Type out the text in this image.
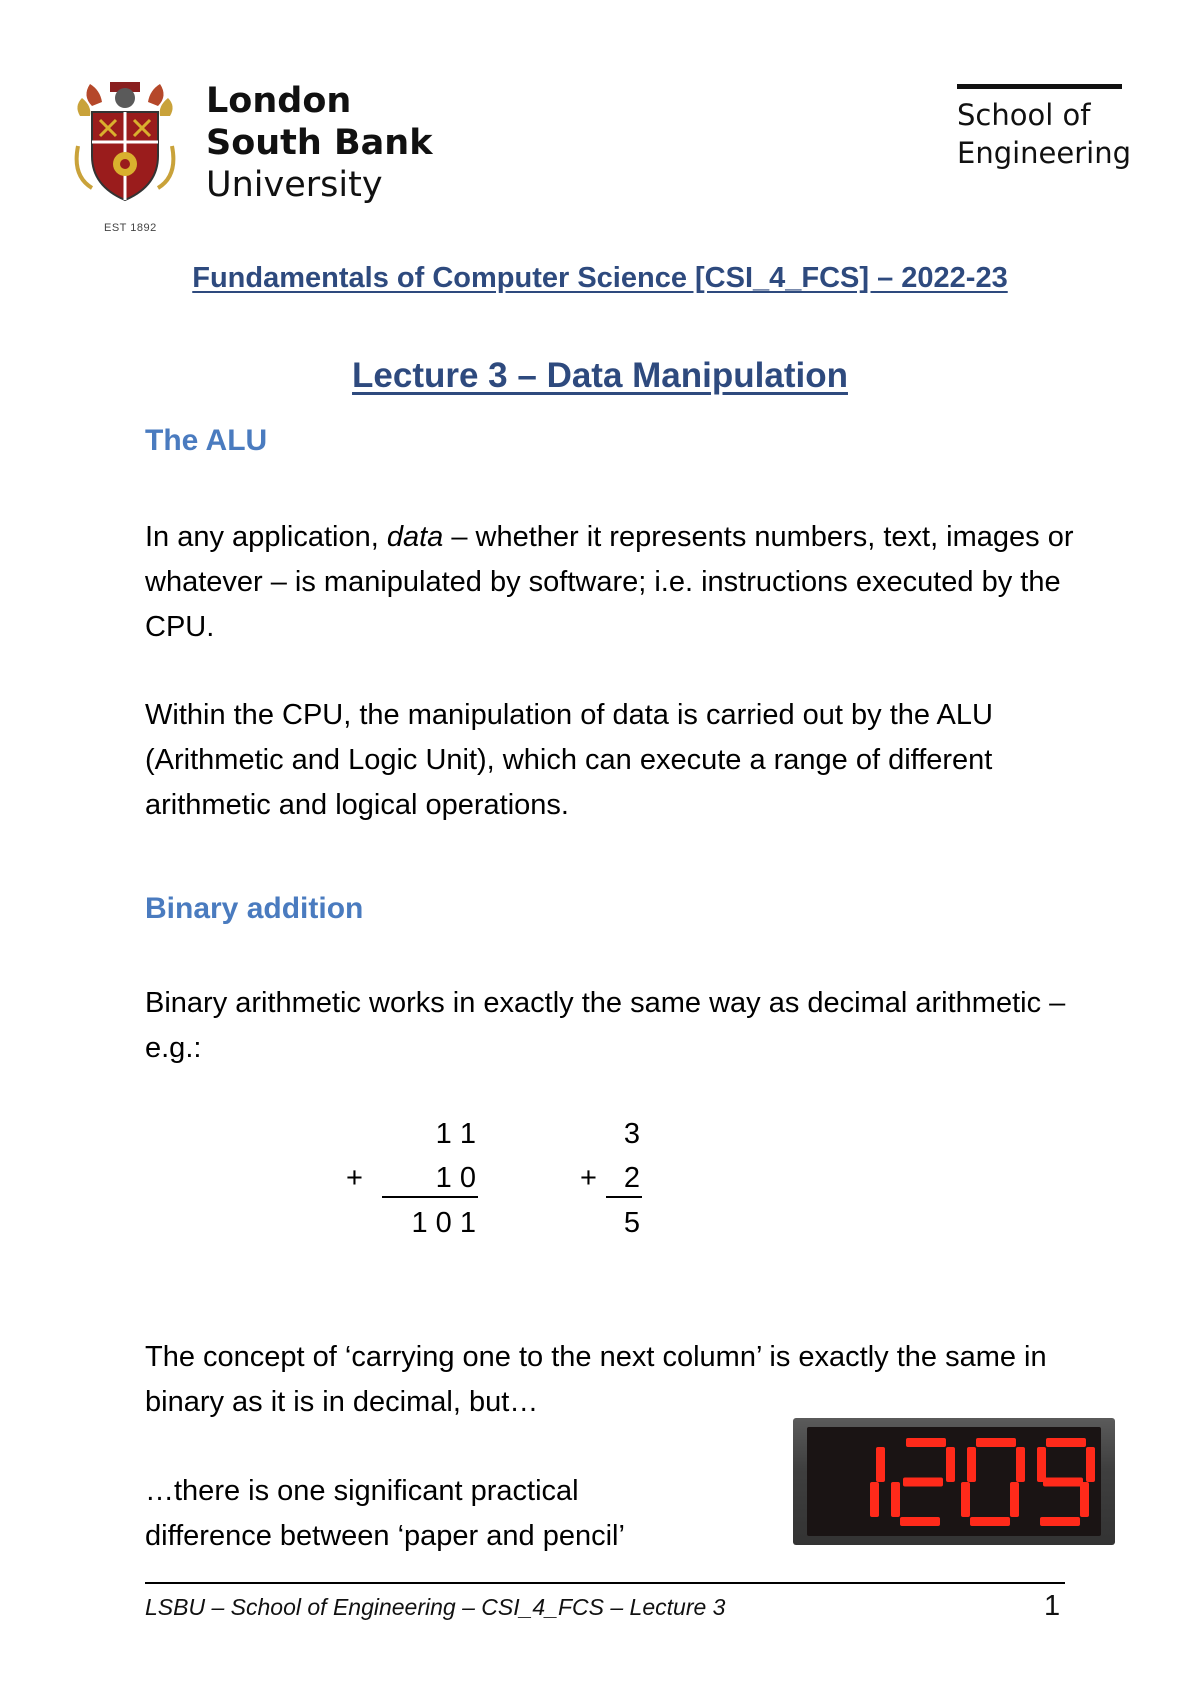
EST 1892
London
South Bank
University
School of
Engineering
Fundamentals of Computer Science [CSI_4_FCS] – 2022-23
Lecture 3 – Data Manipulation
The ALU

In any application, data – whether it represents numbers, text, images or whatever – is manipulated by software; i.e. instructions executed by the CPU.

Within the CPU, the manipulation of data is carried out by the ALU (Arithmetic and Logic Unit), which can execute a range of different arithmetic and logical operations.

Binary addition

Binary arithmetic works in exactly the same way as decimal arithmetic – e.g.:

1 1
+	1 0
1 0 1
3
+ 2
5

The concept of ‘carrying one to the next column’ is exactly the same in binary as it is in decimal, but…

…there is one significant practical difference between ‘paper and pencil’

LSBU – School of Engineering – CSI_4_FCS – Lecture 3	1
